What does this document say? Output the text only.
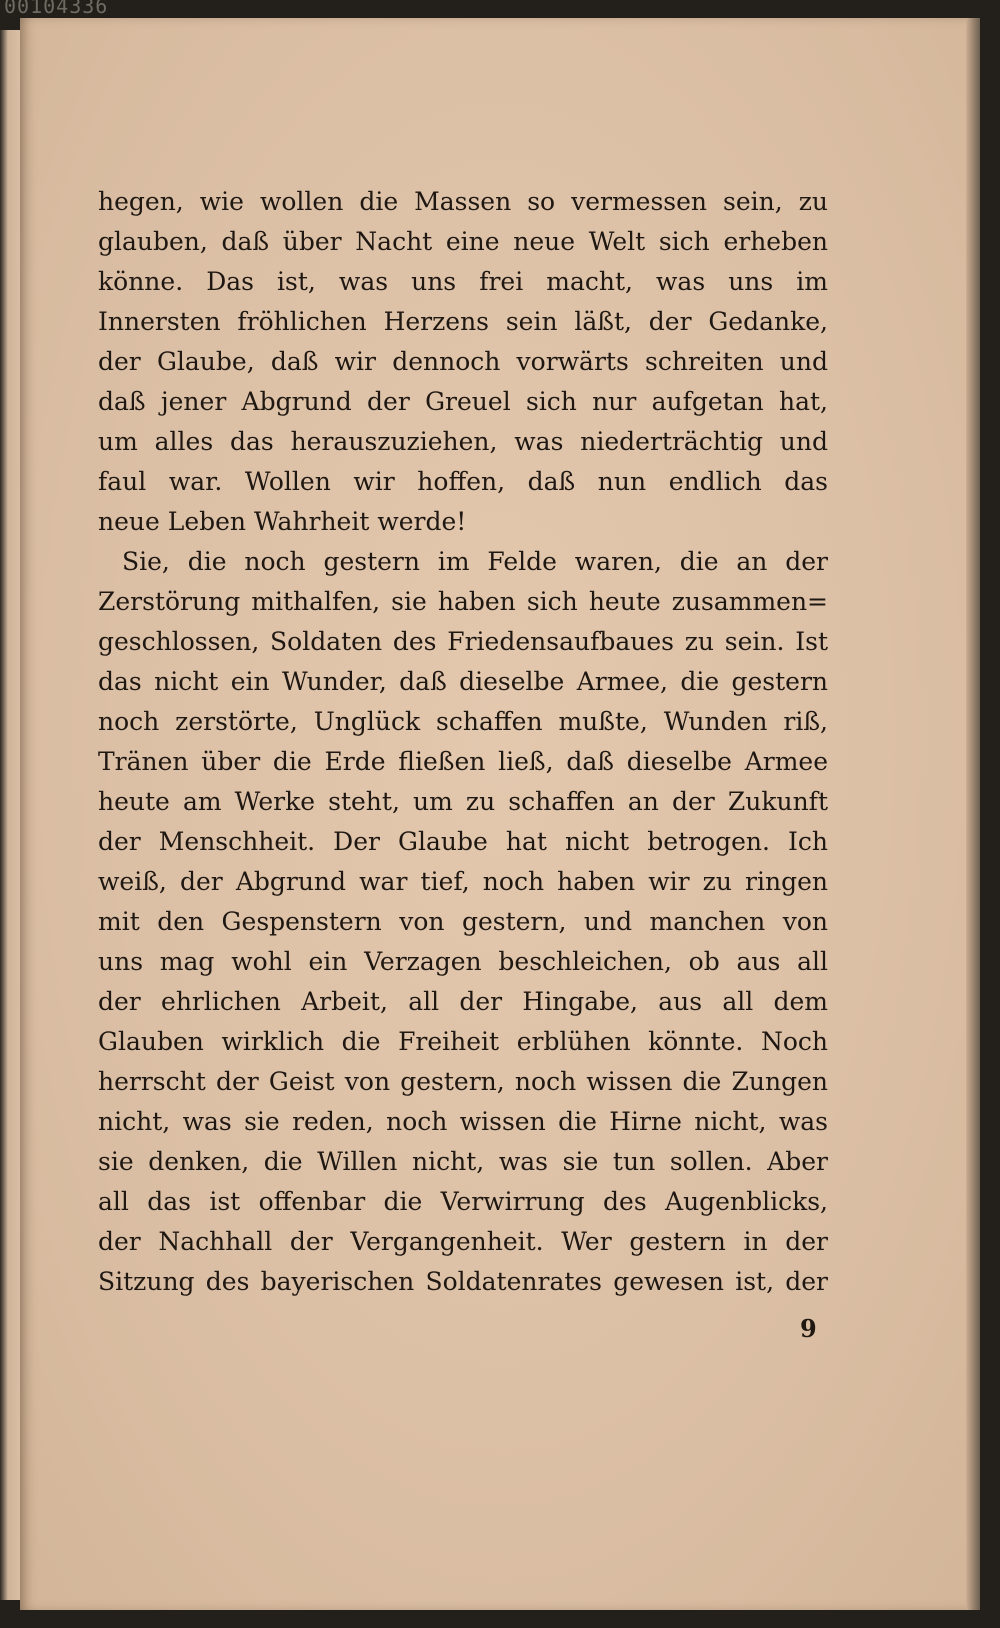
00104336
hegen, wie wollen die Massen so vermessen sein, zu
glauben, daß über Nacht eine neue Welt sich erheben
könne. Das ist, was uns frei macht, was uns im
Innersten fröhlichen Herzens sein läßt, der Gedanke,
der Glaube, daß wir dennoch vorwärts schreiten und
daß jener Abgrund der Greuel sich nur aufgetan hat,
um alles das herauszuziehen, was niederträchtig und
faul war. Wollen wir hoffen, daß nun endlich das
neue Leben Wahrheit werde!
Sie, die noch gestern im Felde waren, die an der
Zerstörung mithalfen, sie haben sich heute zusammen=
geschlossen, Soldaten des Friedensaufbaues zu sein. Ist
das nicht ein Wunder, daß dieselbe Armee, die gestern
noch zerstörte, Unglück schaffen mußte, Wunden riß,
Tränen über die Erde fließen ließ, daß dieselbe Armee
heute am Werke steht, um zu schaffen an der Zukunft
der Menschheit. Der Glaube hat nicht betrogen. Ich
weiß, der Abgrund war tief, noch haben wir zu ringen
mit den Gespenstern von gestern, und manchen von
uns mag wohl ein Verzagen beschleichen, ob aus all
der ehrlichen Arbeit, all der Hingabe, aus all dem
Glauben wirklich die Freiheit erblühen könnte. Noch
herrscht der Geist von gestern, noch wissen die Zungen
nicht, was sie reden, noch wissen die Hirne nicht, was
sie denken, die Willen nicht, was sie tun sollen. Aber
all das ist offenbar die Verwirrung des Augenblicks,
der Nachhall der Vergangenheit. Wer gestern in der
Sitzung des bayerischen Soldatenrates gewesen ist, der
9
